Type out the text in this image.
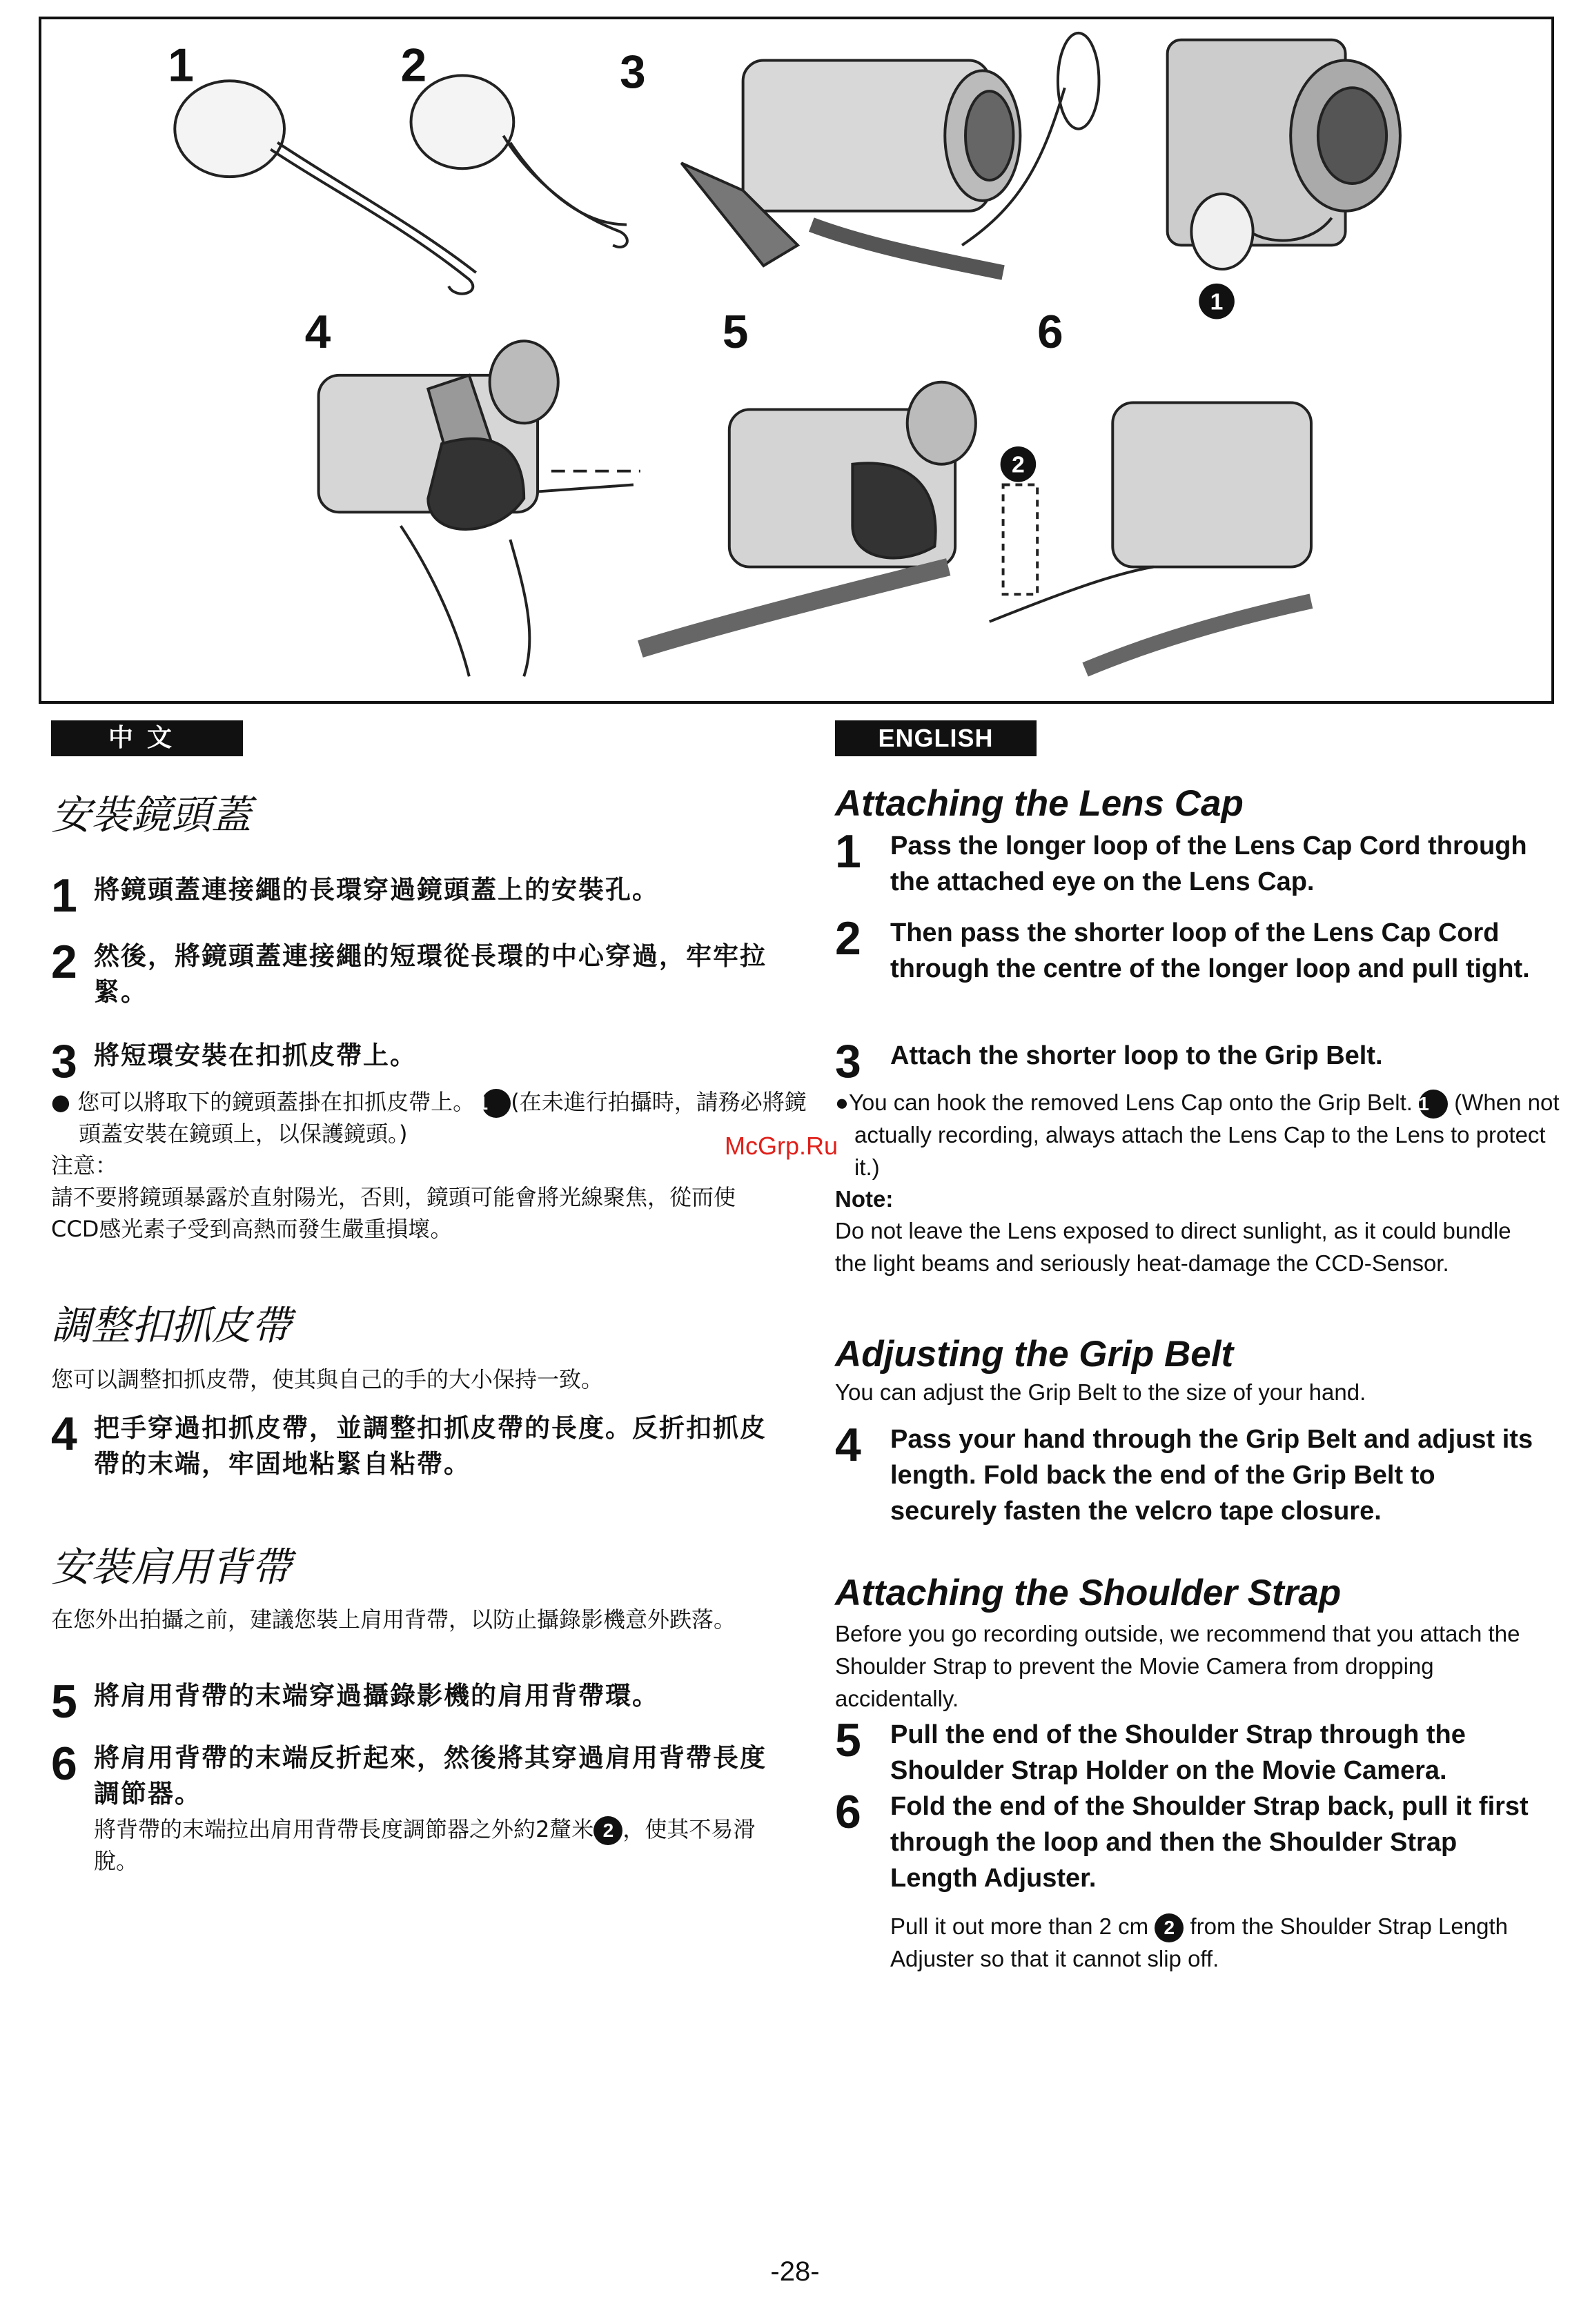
1	2	3
4	5	6
1
2
中文
安裝鏡頭蓋
1 將鏡頭蓋連接繩的長環穿過鏡頭蓋上的安裝孔。
2 然後，將鏡頭蓋連接繩的短環從長環的中心穿過，牢牢拉緊。
3 將短環安裝在扣抓皮帶上。
● 您可以將取下的鏡頭蓋掛在扣抓皮帶上。 1 (在未進行拍攝時，請務必將鏡頭蓋安裝在鏡頭上，以保護鏡頭。)
注意：
請不要將鏡頭暴露於直射陽光，否則，鏡頭可能會將光線聚焦，從而使CCD感光素子受到高熱而發生嚴重損壞。
調整扣抓皮帶
您可以調整扣抓皮帶，使其與自己的手的大小保持一致。
4 把手穿過扣抓皮帶，並調整扣抓皮帶的長度。反折扣抓皮帶的末端，牢固地粘緊自粘帶。
安裝肩用背帶
在您外出拍攝之前，建議您裝上肩用背帶，以防止攝錄影機意外跌落。
5 將肩用背帶的末端穿過攝錄影機的肩用背帶環。
6 將肩用背帶的末端反折起來，然後將其穿過肩用背帶長度調節器。
將背帶的末端拉出肩用背帶長度調節器之外約2釐米 2 ，使其不易滑脫。
ENGLISH
Attaching the Lens Cap
1	Pass the longer loop of the Lens Cap Cord through the attached eye on the Lens Cap.
2	Then pass the shorter loop of the Lens Cap Cord through the centre of the longer loop and pull tight.
3	Attach the shorter loop to the Grip Belt.
●You can hook the removed Lens Cap onto the Grip Belt. 1 (When not actually recording, always attach the Lens Cap to the Lens to protect it.)
Note:
Do not leave the Lens exposed to direct sunlight, as it could bundle the light beams and seriously heat-damage the CCD-Sensor.
Adjusting the Grip Belt
You can adjust the Grip Belt to the size of your hand.
4	Pass your hand through the Grip Belt and adjust its length. Fold back the end of the Grip Belt to securely fasten the velcro tape closure.
Attaching the Shoulder Strap
Before you go recording outside, we recommend that you attach the Shoulder Strap to prevent the Movie Camera from dropping accidentally.
5	Pull the end of the Shoulder Strap through the Shoulder Strap Holder on the Movie Camera.
6	Fold the end of the Shoulder Strap back, pull it first through the loop and then the Shoulder Strap Length Adjuster.
Pull it out more than 2 cm 2 from the Shoulder Strap Length Adjuster so that it cannot slip off.
McGrp.Ru
-28-
